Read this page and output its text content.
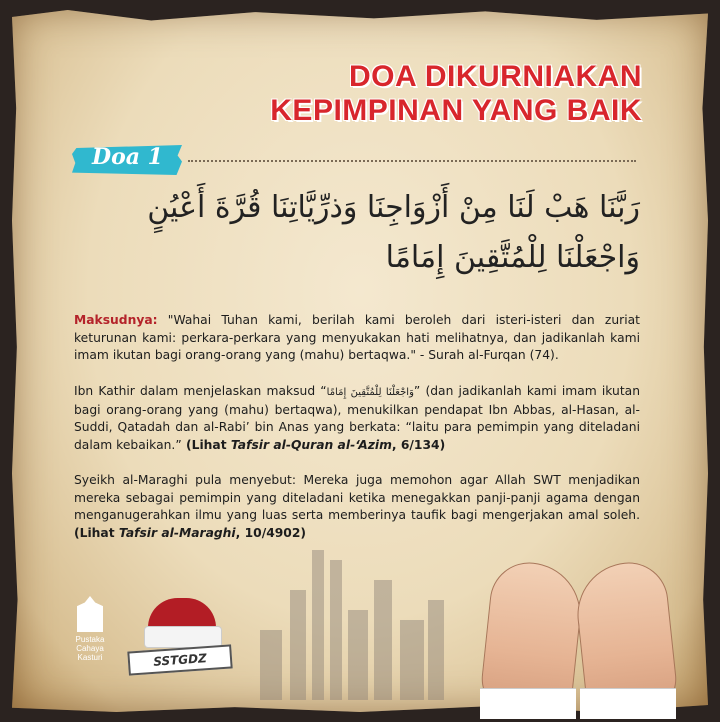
DOA DIKURNIAKAN
KEPIMPINAN YANG BAIK
Doa 1
رَبَّنَا هَبْ لَنَا مِنْ أَزْوَاجِنَا وَذرِّيَّاتِنَا قُرَّةَ أَعْيُنٍ
وَاجْعَلْنَا لِلْمُتَّقِينَ إِمَامًا
Maksudnya: "Wahai Tuhan kami, berilah kami beroleh dari isteri-isteri dan zuriat keturunan kami: perkara-perkara yang menyukakan hati melihatnya, dan jadikanlah kami imam ikutan bagi orang-orang yang (mahu) bertaqwa." - Surah al-Furqan (74).
Ibn Kathir dalam menjelaskan maksud “وَاجْعَلْنَا لِلْمُتَّقِينَ إِمَامًا” (dan jadikanlah kami imam ikutan bagi orang-orang yang (mahu) bertaqwa), menukilkan pendapat Ibn Abbas, al-Hasan, al-Suddi, Qatadah dan al-Rabi’ bin Anas yang berkata: “laitu para pemimpin yang diteladani dalam kebaikan.” (Lihat Tafsir al-Quran al-‘Azim, 6/134)
Syeikh al-Maraghi pula menyebut: Mereka juga memohon agar Allah SWT menjadikan mereka sebagai pemimpin yang diteladani ketika menegakkan panji-panji agama dengan menganugerahkan ilmu yang luas serta memberinya taufik bagi mengerjakan amal soleh. (Lihat Tafsir al-Maraghi, 10/4902)
Pustaka
Cahaya
Kasturi	SSTGDZ
